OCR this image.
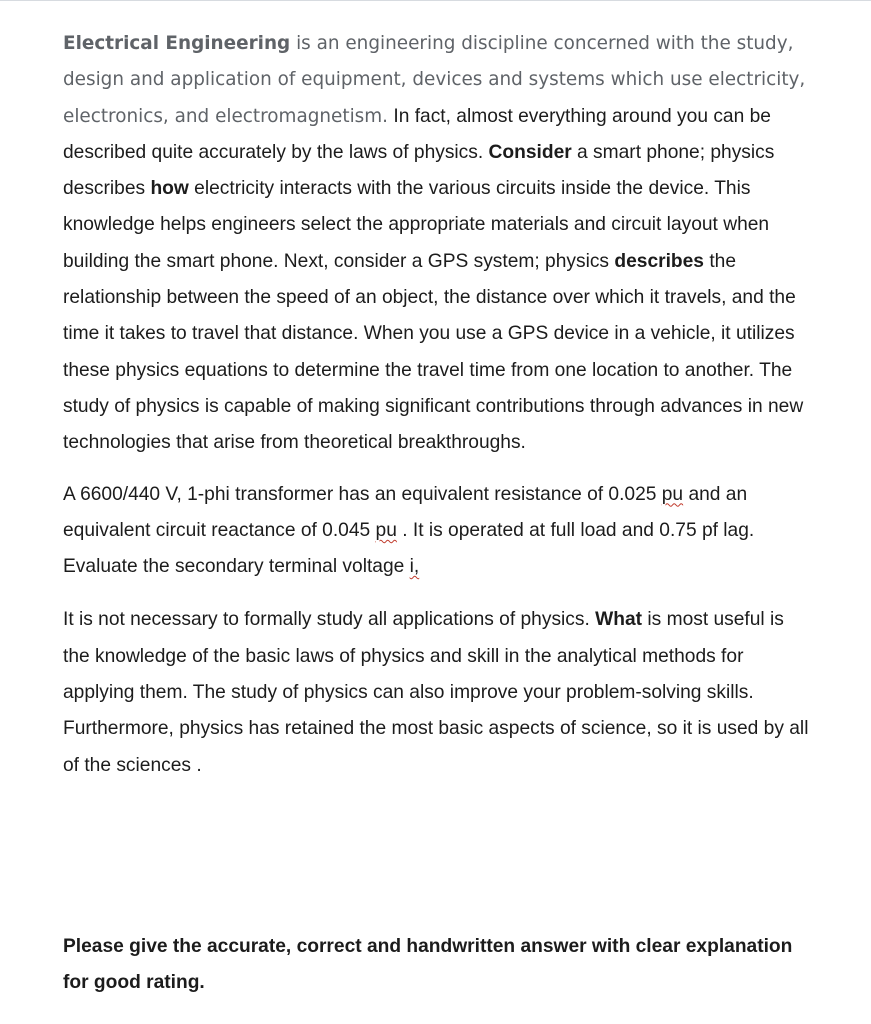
Electrical Engineering is an engineering discipline concerned with the study, design and application of equipment, devices and systems which use electricity, electronics, and electromagnetism. In fact, almost everything around you can be described quite accurately by the laws of physics. Consider a smart phone; physics describes how electricity interacts with the various circuits inside the device. This knowledge helps engineers select the appropriate materials and circuit layout when building the smart phone. Next, consider a GPS system; physics describes the relationship between the speed of an object, the distance over which it travels, and the time it takes to travel that distance. When you use a GPS device in a vehicle, it utilizes these physics equations to determine the travel time from one location to another. The study of physics is capable of making significant contributions through advances in new technologies that arise from theoretical breakthroughs.

A 6600/440 V, 1-phi transformer has an equivalent resistance of 0.025 pu and an equivalent circuit reactance of 0.045 pu . It is operated at full load and 0.75 pf lag. Evaluate the secondary terminal voltage i,

It is not necessary to formally study all applications of physics. What is most useful is the knowledge of the basic laws of physics and skill in the analytical methods for applying them. The study of physics can also improve your problem-solving skills. Furthermore, physics has retained the most basic aspects of science, so it is used by all of the sciences .

Please give the accurate, correct and handwritten answer with clear explanation for good rating.
